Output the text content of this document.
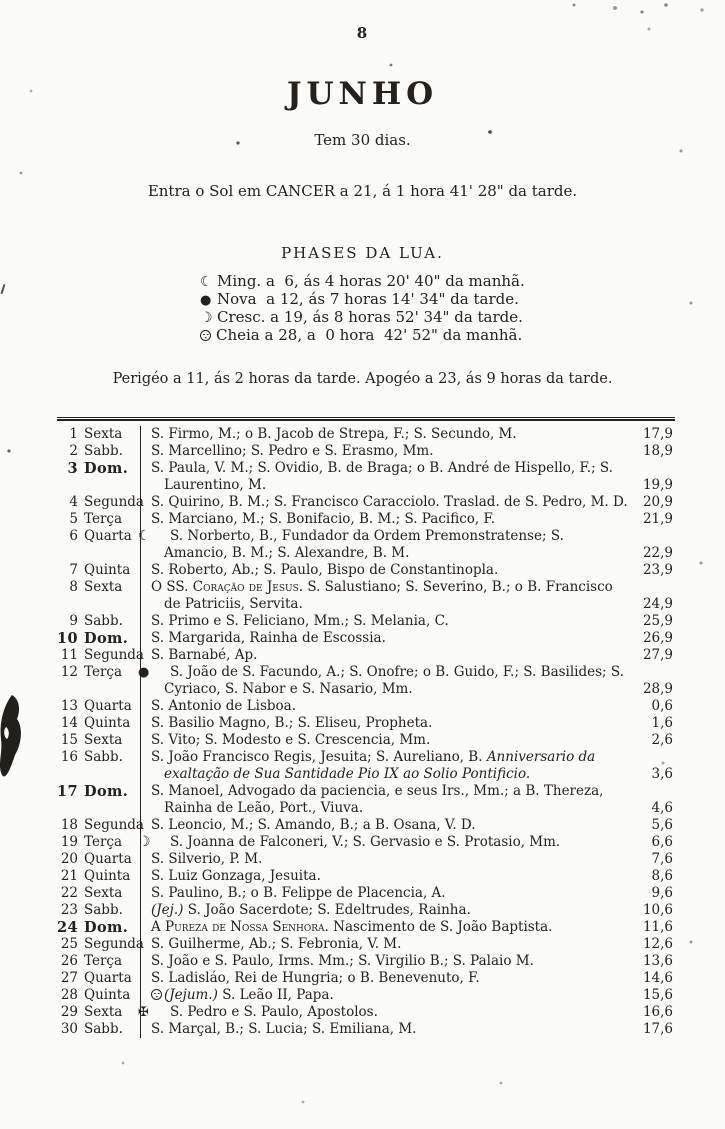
8
JUNHO
Tem 30 dias.
Entra o Sol em CANCER a 21, á 1 hora 41' 28" da tarde.
PHASES DA LUA.
☾
Ming. a  6, ás 4 horas 20' 40" da manhã.
●
Nova  a 12, ás 7 horas 14' 34" da tarde.
☽
Cresc. a 19, ás 8 horas 52' 34" da tarde.
Cheia a 28, a  0 hora  42' 52" da manhã.
Perigéo a 11, ás 2 horas da tarde. Apogéo a 23, ás 9 horas da tarde.
1 Sexta	S. Firmo, M.; o B. Jacob de Strepa, F.; S. Secundo, M.	17,9
2 Sabb.	S. Marcellino; S. Pedro e S. Erasmo, Mm.	18,9
3 Dom.	S. Paula, V. M.; S. Ovidio, B. de Braga; o B. André de Hispello, F.; S. Laurentino, M.	19,9
4 Segunda S. Quirino, B. M.; S. Francisco Caracciolo. Traslad. de S. Pedro, M. D.	20,9
5 Terça	S. Marciano, M.; S. Bonifacio, B. M.; S. Pacifico, F.	21,9
6 Quarta ☾	S. Norberto, B., Fundador da Ordem Premonstratense; S. Amancio, B. M.; S. Alexandre, B. M.	22,9
7 Quinta	S. Roberto, Ab.; S. Paulo, Bispo de Constantinopla.	23,9
8 Sexta	O SS. Coração de Jesus. S. Salustiano; S. Severino, B.; o B. Francisco de Patriciis, Servita.	24,9
9 Sabb.	S. Primo e S. Feliciano, Mm.; S. Melania, C.	25,9
10 Dom.	S. Margarida, Rainha de Escossia.	26,9
11 Segunda S. Barnabé, Ap.	27,9
12 Terça ●	S. João de S. Facundo, A.; S. Onofre; o B. Guido, F.; S. Basilides; S. Cyriaco, S. Nabor e S. Nasario, Mm.	28,9
13 Quarta	S. Antonio de Lisboa.	0,6
14 Quinta	S. Basilio Magno, B.; S. Eliseu, Propheta.	1,6
15 Sexta	S. Vito; S. Modesto e S. Crescencia, Mm.	2,6
16 Sabb.	S. João Francisco Regis, Jesuita; S. Aureliano, B. Anniversario da exaltação de Sua Santidade Pio IX ao Solio Pontificio.	3,6
17 Dom.	S. Manoel, Advogado da paciencia, e seus Irs., Mm.; a B. Thereza, Rainha de Leão, Port., Viuva.	4,6
18 Segunda S. Leoncio, M.; S. Amando, B.; a B. Osana, V. D.	5,6
19 Terça ☽	S. Joanna de Falconeri, V.; S. Gervasio e S. Protasio, Mm.	6,6
20 Quarta	S. Silverio, P. M.	7,6
21 Quinta	S. Luiz Gonzaga, Jesuita.	8,6
22 Sexta	S. Paulino, B.; o B. Felippe de Placencia, A.	9,6
23 Sabb.	(Jej.) S. João Sacerdote; S. Edeltrudes, Rainha.	10,6
24 Dom.	A Pureza de Nossa Senhora. Nascimento de S. João Baptista.	11,6
25 Segunda S. Guilherme, Ab.; S. Febronia, V. M.	12,6
26 Terça	S. João e S. Paulo, Irms. Mm.; S. Virgilio B.; S. Palaio M.	13,6
27 Quarta	S. Ladisláo, Rei de Hungria; o B. Benevenuto, F.	14,6
28 Quinta	(Jejum.) S. Leão II, Papa.	15,6
29 Sexta ✠	S. Pedro e S. Paulo, Apostolos.	16,6
30 Sabb.	S. Marçal, B.; S. Lucia; S. Emiliana, M.	17,6
